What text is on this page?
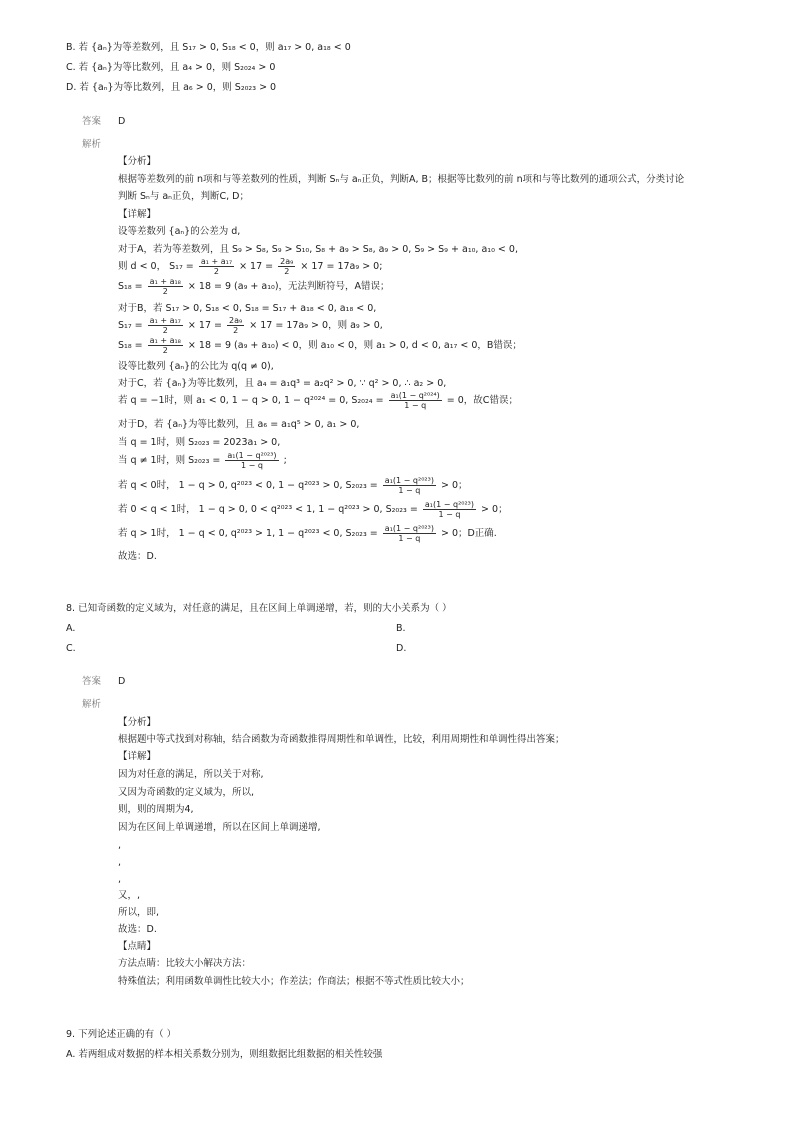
B. 若 {aₙ}为等差数列，且 S₁₇ > 0, S₁₈ < 0，则 a₁₇ > 0, a₁₈ < 0
C. 若 {aₙ}为等比数列，且 a₄ > 0，则 S₂₀₂₄ > 0
D. 若 {aₙ}为等比数列，且 a₆ > 0，则 S₂₀₂₃ > 0
答案 D
解析
【分析】
根据等差数列的前 n项和与等差数列的性质，判断 Sₙ与 aₙ正负，判断A, B；根据等比数列的前 n项和与等比数列的通项公式，分类讨论
判断 Sₙ与 aₙ正负，判断C, D；
【详解】
设等差数列 {aₙ}的公差为 d,
对于A，若为等差数列，且 S₉ > S₈, S₉ > S₁₀, S₈ + a₉ > S₈, a₉ > 0, S₉ > S₉ + a₁₀, a₁₀ < 0,
则 d < 0， $S_{17} = \frac{\text{a₁ + a₁₇}}{2} \times 17 = \frac{\text{2a₉}}{2} \times 17 = 17a_9 > 0$;
$S_{18} = \frac{\text{a₁ + a₁₈}}{2} \times 18 = 9$ (a₉ + a₁₀)，无法判断符号，A错误；
对于B，若 S₁₇ > 0, S₁₈ < 0, S₁₈ = S₁₇ + a₁₈ < 0, a₁₈ < 0,
$S_{17} = \frac{\text{a₁ + a₁₇}}{2} \times 17 = \frac{\text{2a₉}}{2} \times 17 = 17a_9 > 0$，则 a₉ > 0,
$S_{18} = \frac{\text{a₁ + a₁₈}}{2} \times 18 = 9$ (a₉ + a₁₀) < 0，则 a₁₀ < 0，则 a₁ > 0, d < 0, a₁₇ < 0，B错误；
设等比数列 {aₙ}的公比为 q(q ≠ 0),
对于C，若 {aₙ}为等比数列，且 a₄ = a₁q³ = a₂q² > 0, ∵ q² > 0, ∴ a₂ > 0,
若 q = −1时，则 a₁ < 0, 1 − q > 0, 1 − q²⁰²⁴ = 0, $S_{2024} = \frac{\text{a₁(1 − q²⁰²⁴)}}{1 - q} = 0$，故C错误；
对于D，若 {aₙ}为等比数列，且 a₆ = a₁q⁵ > 0, a₁ > 0,
当 q = 1时，则 S₂₀₂₃ = 2023a₁ > 0,
当 q ≠ 1时，则 $S_{2023} = \frac{\text{a₁(1 − q²⁰²³)}}{1 - q}$ ;
若 q < 0时， 1 − q > 0, q²⁰²³ < 0, 1 − q²⁰²³ > 0, $S_{2023} = \frac{\text{a₁(1 − q²⁰²³)}}{1 - q} > 0$；
若 0 < q < 1时， 1 − q > 0, 0 < q²⁰²³ < 1, 1 − q²⁰²³ > 0, $S_{2023} = \frac{\text{a₁(1 − q²⁰²³)}}{1 - q} > 0$；
若 q > 1时， 1 − q < 0, q²⁰²³ > 1, 1 − q²⁰²³ < 0, $S_{2023} = \frac{\text{a₁(1 − q²⁰²³)}}{1 - q} > 0$；D正确.
故选：D.
8. 已知奇函数的定义域为，对任意的满足，且在区间上单调递增，若，则的大小关系为（ ）
A.	B.
C.	D.
答案 D
解析
【分析】
根据题中等式找到对称轴，结合函数为奇函数推得周期性和单调性，比较，利用周期性和单调性得出答案；
【详解】
因为对任意的满足，所以关于对称,
又因为奇函数的定义域为，所以,
则，则的周期为4,
因为在区间上单调递增，所以在区间上单调递增,
,
,
,
又，,
所以，即,
故选：D.
【点睛】
方法点睛：比较大小解决方法：
特殊值法；利用函数单调性比较大小；作差法；作商法；根据不等式性质比较大小；
9. 下列论述正确的有（ ）
A. 若两组成对数据的样本相关系数分别为，则组数据比组数据的相关性较强
